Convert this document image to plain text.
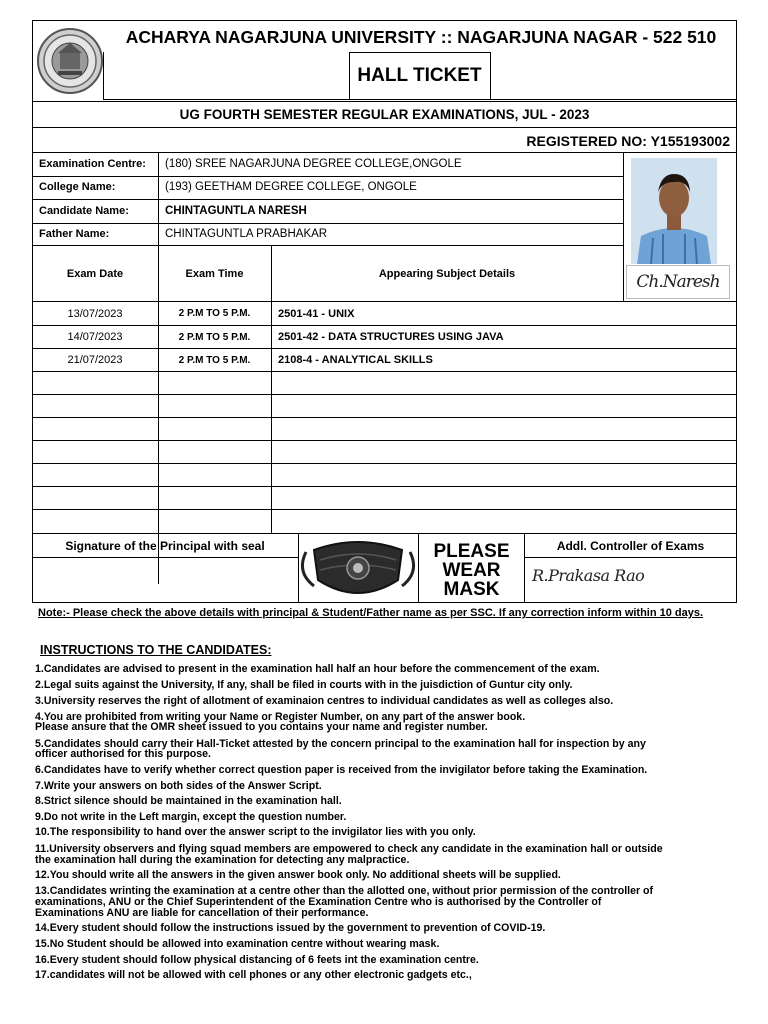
ACHARYA NAGARJUNA UNIVERSITY :: NAGARJUNA NAGAR - 522 510
HALL TICKET
UG FOURTH SEMESTER REGULAR EXAMINATIONS, JUL - 2023
REGISTERED NO: Y155193002
Examination Centre:	(180) SREE NAGARJUNA DEGREE COLLEGE,ONGOLE
College Name:	(193) GEETHAM DEGREE COLLEGE, ONGOLE
Candidate Name:	CHINTAGUNTLA NARESH
Father Name:	CHINTAGUNTLA PRABHAKAR
Ch.Naresh
Exam Date	Exam Time	Appearing Subject Details
13/07/2023	2 P.M TO 5 P.M.	2501-41 - UNIX
14/07/2023	2 P.M TO 5 P.M.	2501-42 - DATA STRUCTURES USING JAVA
21/07/2023	2 P.M TO 5 P.M.	2108-4 - ANALYTICAL SKILLS
Signature of the Principal with seal	PLEASE
WEAR
MASK
Addl. Controller of Exams
R.Prakasa Rao
Note:- Please check the above details with principal & Student/Father name as per SSC. If any correction inform within 10 days.
INSTRUCTIONS TO THE CANDIDATES:
1.Candidates are advised to present in the examination hall half an hour before the commencement of the exam.
2.Legal suits against the University, If any, shall be filed in courts with in the juisdiction of Guntur city only.
3.University reserves the right of allotment of examinaion centres to individual candidates as well as colleges also.
4.You are prohibited from writing your Name or Register Number, on any part of the answer book.
Please ansure that the OMR sheet issued to you contains your name and register number.
5.Candidates should carry their Hall-Ticket attested by the concern principal to the examination hall for inspection by any
officer authorised for this purpose.
6.Candidates have to verify whether correct question paper is received from the invigilator before taking the Examination.
7.Write your answers on both sides of the Answer Script.
8.Strict silence should be maintained in the examination hall.
9.Do not write in the Left margin, except the question number.
10.The responsibility to hand over the answer script to the invigilator lies with you only.
11.University observers and flying squad members are empowered to check any candidate in the examination hall or outside
the examination hall during the examination for detecting any malpractice.
12.You should write all the answers in the given answer book only. No additional sheets will be supplied.
13.Candidates wrinting the examination at a centre other than the allotted one, without prior permission of the controller of
examinations, ANU or the Chief Superintendent of the Examination Centre who is authorised by the Controller of
Examinations ANU are liable for cancellation of their performance.
14.Every student should follow the instructions issued by the government to prevention of COVID-19.
15.No Student should be allowed into examination centre without wearing mask.
16.Every student should follow physical distancing of 6 feets int the examination centre.
17.candidates will not be allowed with cell phones or any other electronic gadgets etc.,
